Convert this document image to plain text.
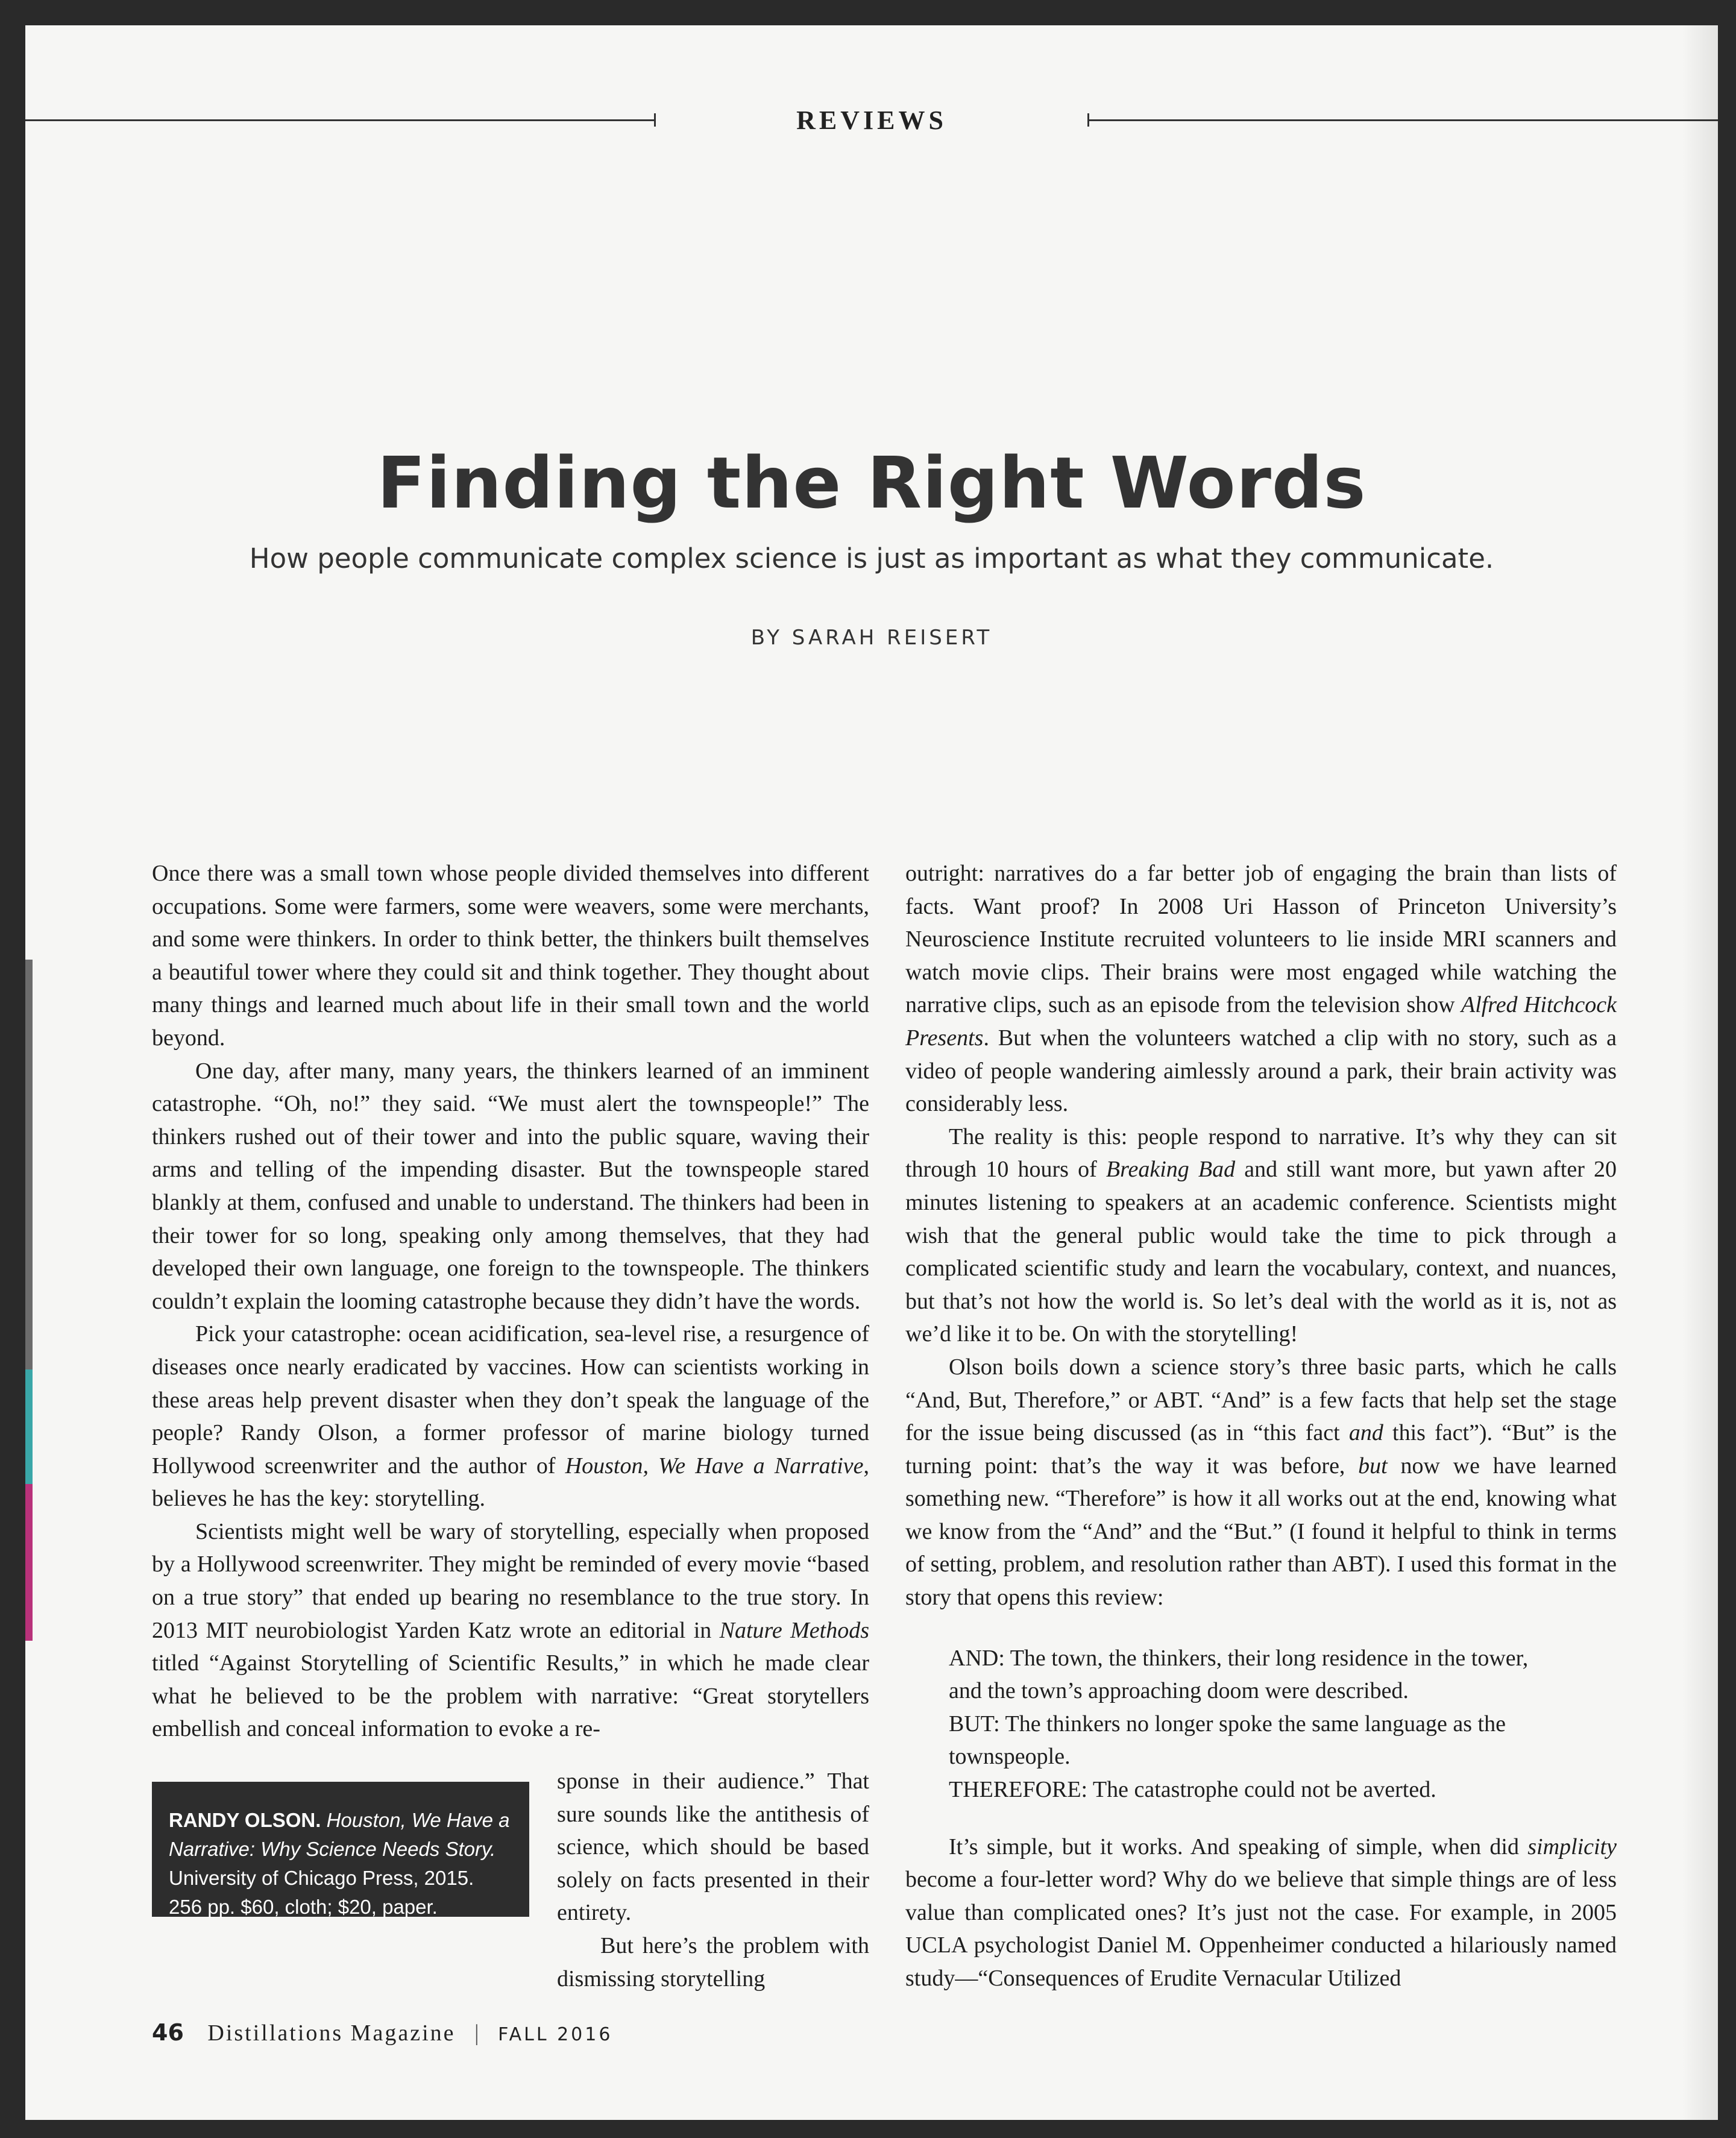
REVIEWS
Finding the Right Words
How people communicate complex science is just as important as what they communicate.
BY SARAH REISERT

Once there was a small town whose people divided themselves into different occupations. Some were farmers, some were weavers, some were merchants, and some were thinkers. In order to think better, the thinkers built themselves a beautiful tower where they could sit and think together. They thought about many things and learned much about life in their small town and the world beyond.

One day, after many, many years, the thinkers learned of an imminent catastrophe. “Oh, no!” they said. “We must alert the townspeople!” The thinkers rushed out of their tower and into the public square, waving their arms and telling of the impending disaster. But the townspeople stared blankly at them, confused and unable to understand. The thinkers had been in their tower for so long, speaking only among themselves, that they had developed their own language, one foreign to the townspeople. The thinkers couldn’t explain the looming catastrophe because they didn’t have the words.

Pick your catastrophe: ocean acidification, sea-level rise, a resurgence of diseases once nearly eradicated by vaccines. How can scientists working in these areas help prevent disaster when they don’t speak the language of the people? Randy Olson, a former professor of marine biology turned Hollywood screenwriter and the author of Houston, We Have a Narrative, believes he has the key: storytelling.

Scientists might well be wary of storytelling, especially when proposed by a Hollywood screenwriter. They might be reminded of every movie “based on a true story” that ended up bearing no resemblance to the true story. In 2013 MIT neurobiologist Yarden Katz wrote an editorial in Nature Methods titled “Against Storytelling of Scientific Results,” in which he made clear what he believed to be the problem with narrative: “Great storytellers embellish and conceal information to evoke a re-

RANDY OLSON. Houston, We Have a Narrative: Why Science Needs Story. University of Chicago Press, 2015. 256 pp. $60, cloth; $20, paper.

sponse in their audience.” That sure sounds like the antithesis of science, which should be based solely on facts presented in their entirety.

But here’s the problem with dismissing storytelling

outright: narratives do a far better job of engaging the brain than lists of facts. Want proof? In 2008 Uri Hasson of Princeton University’s Neuroscience Institute recruited volunteers to lie inside MRI scanners and watch movie clips. Their brains were most engaged while watching the narrative clips, such as an episode from the television show Alfred Hitchcock Presents. But when the volunteers watched a clip with no story, such as a video of people wandering aimlessly around a park, their brain activity was considerably less.

The reality is this: people respond to narrative. It’s why they can sit through 10 hours of Breaking Bad and still want more, but yawn after 20 minutes listening to speakers at an academic conference. Scientists might wish that the general public would take the time to pick through a complicated scientific study and learn the vocabulary, context, and nuances, but that’s not how the world is. So let’s deal with the world as it is, not as we’d like it to be. On with the storytelling!

Olson boils down a science story’s three basic parts, which he calls “And, But, Therefore,” or ABT. “And” is a few facts that help set the stage for the issue being discussed (as in “this fact and this fact”). “But” is the turning point: that’s the way it was before, but now we have learned something new. “Therefore” is how it all works out at the end, knowing what we know from the “And” and the “But.” (I found it helpful to think in terms of setting, problem, and resolution rather than ABT). I used this format in the story that opens this review:

AND: The town, the thinkers, their long residence in the tower, and the town’s approaching doom were described.
BUT: The thinkers no longer spoke the same language as the townspeople.
THEREFORE: The catastrophe could not be averted.

It’s simple, but it works. And speaking of simple, when did simplicity become a four-letter word? Why do we believe that simple things are of less value than complicated ones? It’s just not the case. For example, in 2005 UCLA psychologist Daniel M. Oppenheimer conducted a hilariously named study—“Consequences of Erudite Vernacular Utilized

46 Distillations Magazine | FALL 2016
